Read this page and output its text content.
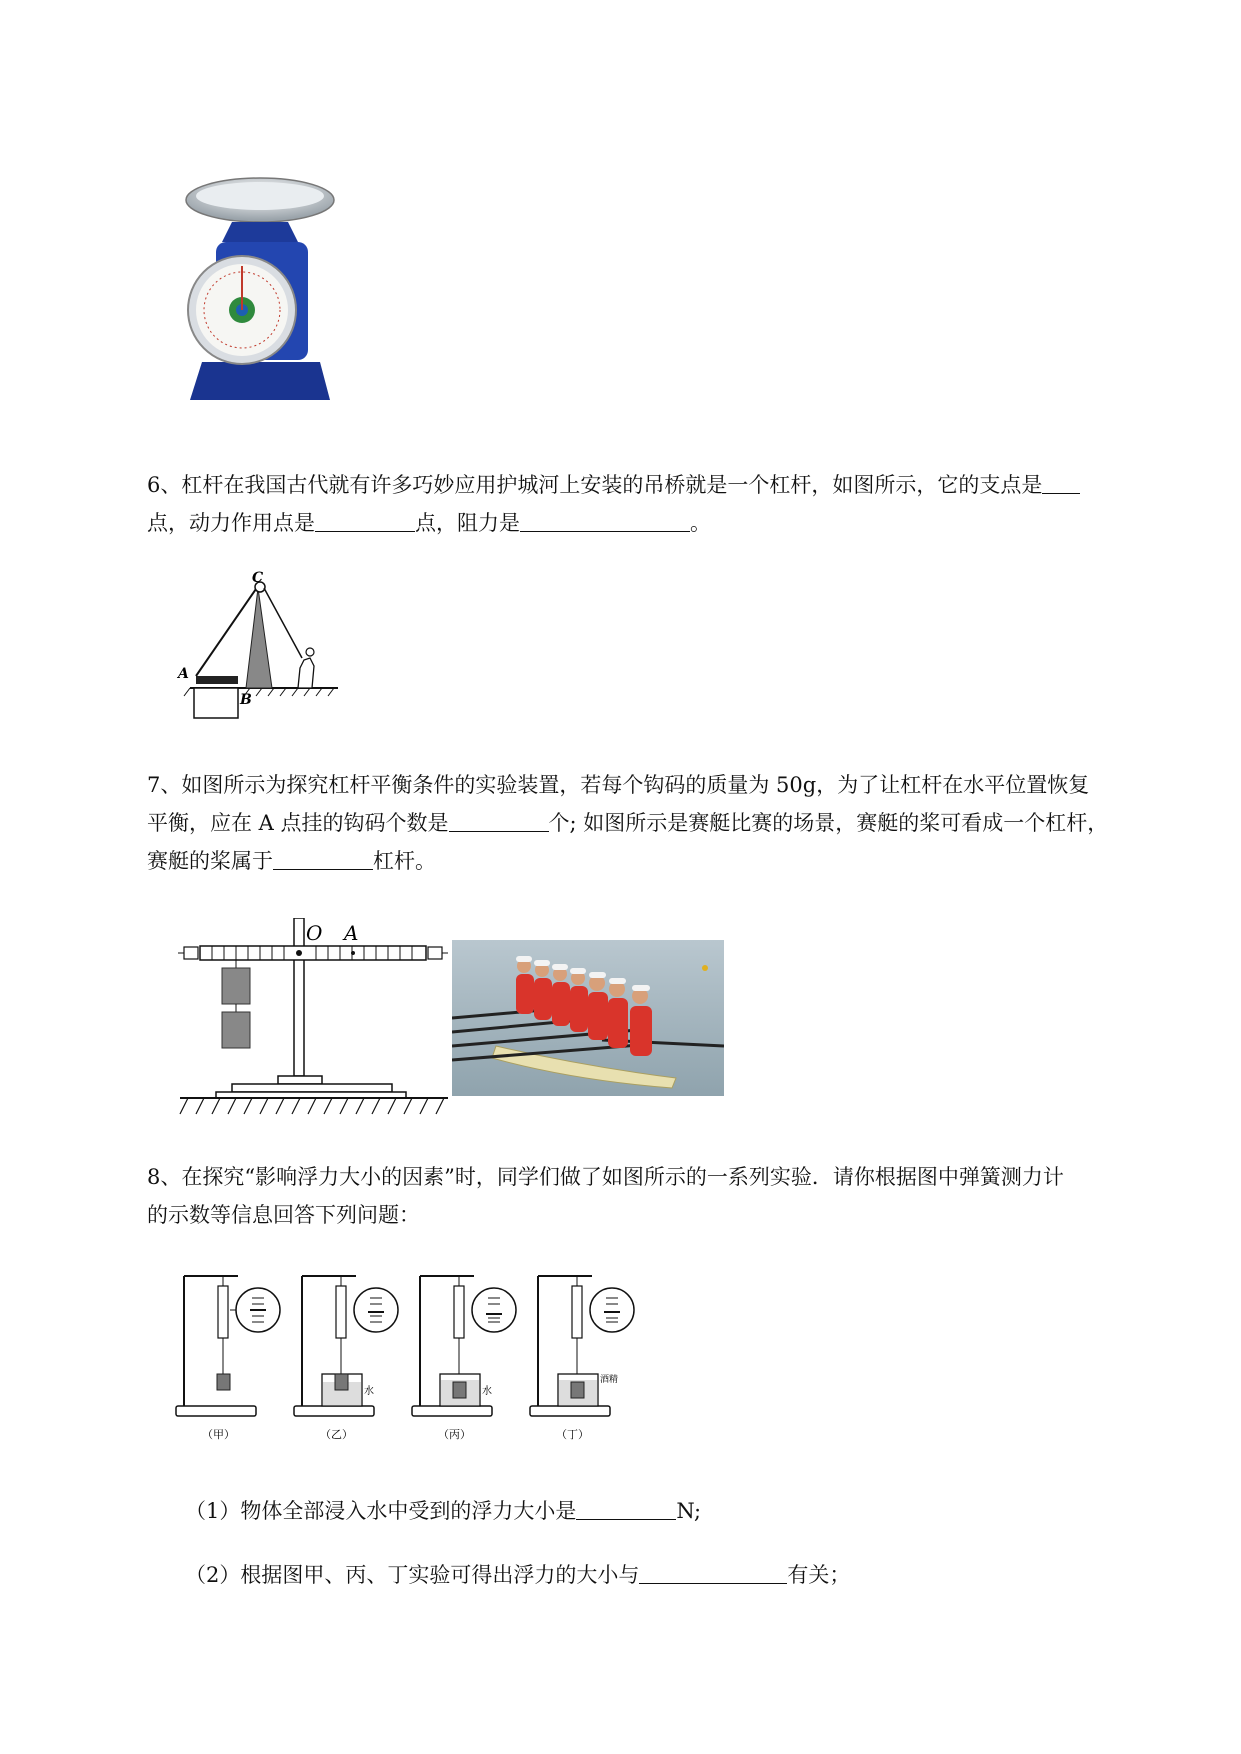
6、杠杆在我国古代就有许多巧妙应用护城河上安装的吊桥就是一个杠杆，如图所示，它的支点是
点，动力作用点是	点，阻力是	。
C
A
B
7、如图所示为探究杠杆平衡条件的实验装置，若每个钩码的质量为 50g，为了让杠杆在水平位置恢复
平衡，应在 A 点挂的钩码个数是	个; 如图所示是赛艇比赛的场景，赛艇的桨可看成一个杠杆，
赛艇的桨属于	杠杆。
O A
8、在探究“影响浮力大小的因素”时，同学们做了如图所示的一系列实验．请你根据图中弹簧测力计
的示数等信息回答下列问题：
（甲）
水
（乙）
水
（丙）
酒精
（丁）
（1）物体全部浸入水中受到的浮力大小是	N;
（2）根据图甲、丙、丁实验可得出浮力的大小与	有关；
